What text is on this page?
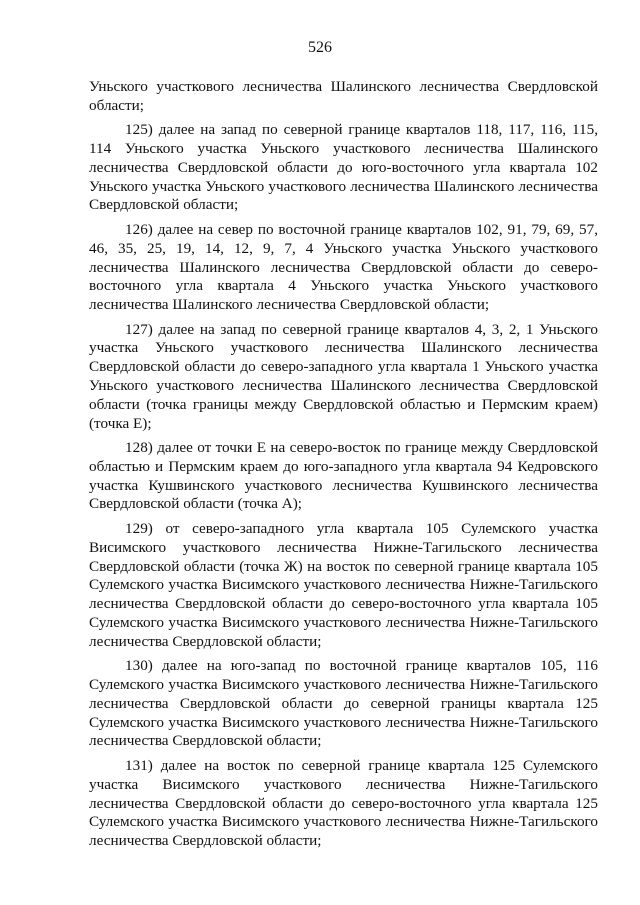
526

Уньского участкового лесничества Шалинского лесничества Свердловской области;

125) далее на запад по северной границе кварталов 118, 117, 116, 115, 114 Уньского участка Уньского участкового лесничества Шалинского лесничества Свердловской области до юго-восточного угла квартала 102 Уньского участка Уньского участкового лесничества Шалинского лесничества Свердловской области;

126) далее на север по восточной границе кварталов 102, 91, 79, 69, 57, 46, 35, 25, 19, 14, 12, 9, 7, 4 Уньского участка Уньского участкового лесничества Шалинского лесничества Свердловской области до северо-восточного угла квартала 4 Уньского участка Уньского участкового лесничества Шалинского лесничества Свердловской области;

127) далее на запад по северной границе кварталов 4, 3, 2, 1 Уньского участка Уньского участкового лесничества Шалинского лесничества Свердловской области до северо-западного угла квартала 1 Уньского участка Уньского участкового лесничества Шалинского лесничества Свердловской области (точка границы между Свердловской областью и Пермским краем) (точка Е);

128) далее от точки Е на северо-восток по границе между Свердловской областью и Пермским краем до юго-западного угла квартала 94 Кедровского участка Кушвинского участкового лесничества Кушвинского лесничества Свердловской области (точка А);

129) от северо-западного угла квартала 105 Сулемского участка Висимского участкового лесничества Нижне-Тагильского лесничества Свердловской области (точка Ж) на восток по северной границе квартала 105 Сулемского участка Висимского участкового лесничества Нижне-Тагильского лесничества Свердловской области до северо-восточного угла квартала 105 Сулемского участка Висимского участкового лесничества Нижне-Тагильского лесничества Свердловской области;

130) далее на юго-запад по восточной границе кварталов 105, 116 Сулемского участка Висимского участкового лесничества Нижне-Тагильского лесничества Свердловской области до северной границы квартала 125 Сулемского участка Висимского участкового лесничества Нижне-Тагильского лесничества Свердловской области;

131) далее на восток по северной границе квартала 125 Сулемского участка Висимского участкового лесничества Нижне-Тагильского лесничества Свердловской области до северо-восточного угла квартала 125 Сулемского участка Висимского участкового лесничества Нижне-Тагильского лесничества Свердловской области;
